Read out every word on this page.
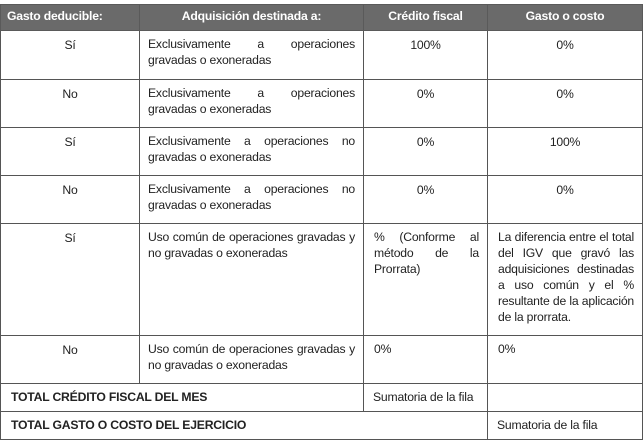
Gasto deducible:	Adquisición destinada a:	Crédito fiscal	Gasto o costo
Sí	Exclusivamente a operaciones gravadas o exoneradas	100%	0%
No	Exclusivamente a operaciones gravadas o exoneradas	0%	0%
Sí	Exclusivamente a operaciones no gravadas o exoneradas	0%	100%
No	Exclusivamente a operaciones no gravadas o exoneradas	0%	0%
Sí	Uso común de operaciones gravadas y no gravadas o exoneradas	% (Conforme al método de la Prorrata)	La diferencia entre el total del IGV que gravó las adquisiciones destinadas a uso común y el % resultante de la aplicación de la prorrata.
No	Uso común de operaciones gravadas y no gravadas o exoneradas	0%	0%
TOTAL CRÉDITO FISCAL DEL MES		Sumatoria de la fila	
TOTAL GASTO O COSTO DEL EJERCICIO			Sumatoria de la fila
